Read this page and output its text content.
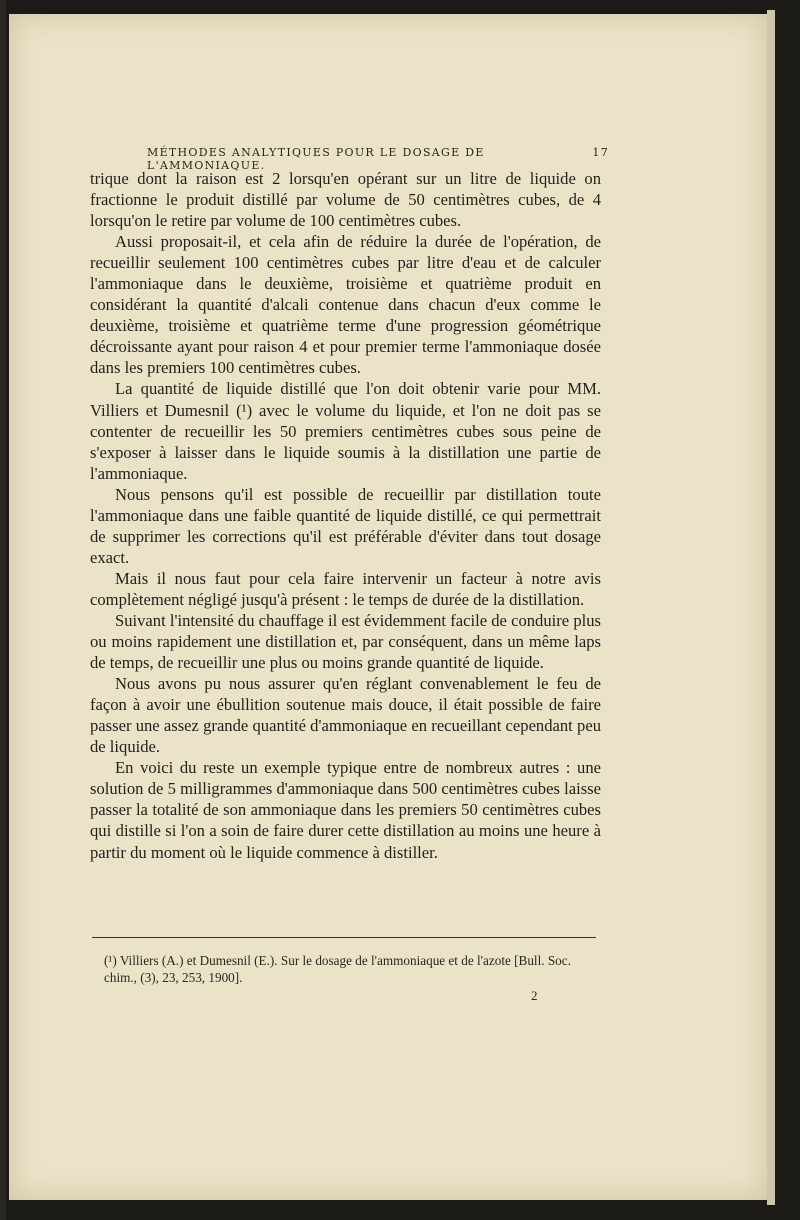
MÉTHODES ANALYTIQUES POUR LE DOSAGE DE L'AMMONIAQUE.
17

trique dont la raison est 2 lorsqu'en opérant sur un litre de liquide on fractionne le produit distillé par volume de 50 centimètres cubes, de 4 lorsqu'on le retire par volume de 100 centimètres cubes.

Aussi proposait-il, et cela afin de réduire la durée de l'opération, de recueillir seulement 100 centimètres cubes par litre d'eau et de calculer l'ammoniaque dans le deuxième, troisième et quatrième produit en considérant la quantité d'alcali contenue dans chacun d'eux comme le deuxième, troisième et quatrième terme d'une progression géométrique décroissante ayant pour raison 4 et pour premier terme l'ammoniaque dosée dans les premiers 100 centimètres cubes.

La quantité de liquide distillé que l'on doit obtenir varie pour MM. Villiers et Dumesnil (¹) avec le volume du liquide, et l'on ne doit pas se contenter de recueillir les 50 premiers centimètres cubes sous peine de s'exposer à laisser dans le liquide soumis à la distillation une partie de l'ammoniaque.

Nous pensons qu'il est possible de recueillir par distillation toute l'ammoniaque dans une faible quantité de liquide distillé, ce qui permettrait de supprimer les corrections qu'il est préférable d'éviter dans tout dosage exact.

Mais il nous faut pour cela faire intervenir un facteur à notre avis complètement négligé jusqu'à présent : le temps de durée de la distillation.

Suivant l'intensité du chauffage il est évidemment facile de conduire plus ou moins rapidement une distillation et, par conséquent, dans un même laps de temps, de recueillir une plus ou moins grande quantité de liquide.

Nous avons pu nous assurer qu'en réglant convenablement le feu de façon à avoir une ébullition soutenue mais douce, il était possible de faire passer une assez grande quantité d'ammoniaque en recueillant cependant peu de liquide.

En voici du reste un exemple typique entre de nombreux autres : une solution de 5 milligrammes d'ammoniaque dans 500 centimètres cubes laisse passer la totalité de son ammoniaque dans les premiers 50 centimètres cubes qui distille si l'on a soin de faire durer cette distillation au moins une heure à partir du moment où le liquide commence à distiller.

(¹) Villiers (A.) et Dumesnil (E.). Sur le dosage de l'ammoniaque et de l'azote [Bull. Soc. chim., (3), 23, 253, 1900].
2
